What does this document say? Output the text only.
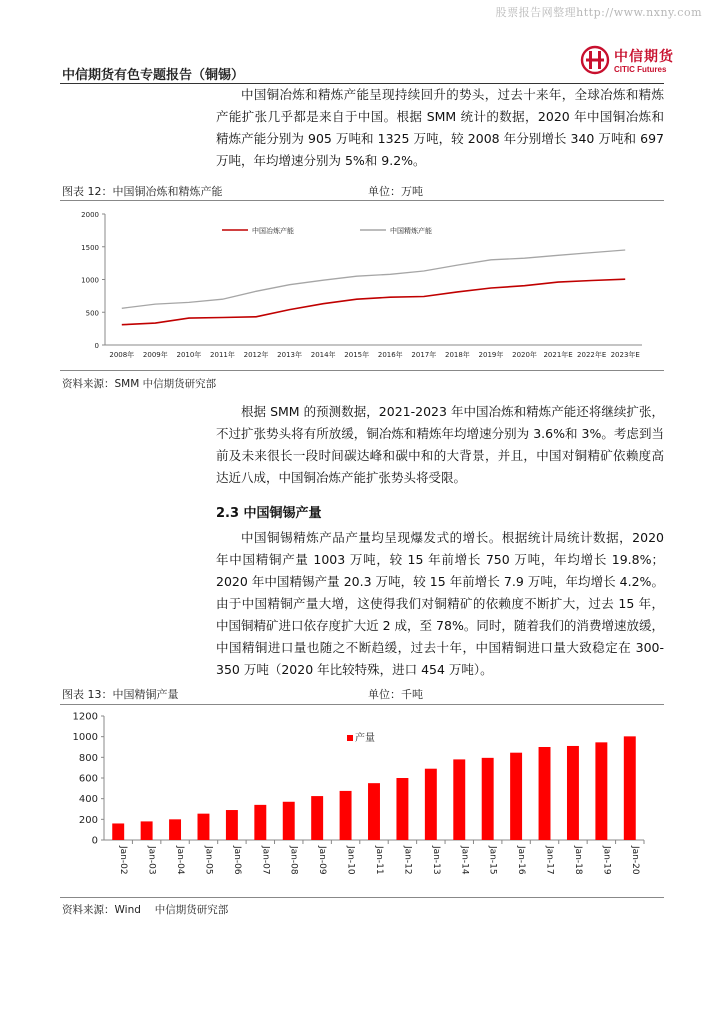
股票报告网整理http://www.nxny.com
中信期货
CITIC Futures
中信期货有色专题报告（铜锡）
中国铜冶炼和精炼产能呈现持续回升的势头，过去十来年，全球冶炼和精炼产能扩张几乎都是来自于中国。根据 SMM 统计的数据，2020 年中国铜冶炼和精炼产能分别为 905 万吨和 1325 万吨，较 2008 年分别增长 340 万吨和 697 万吨，年均增速分别为 5%和 9.2%。
图表 12：中国铜冶炼和精炼产能	单位：万吨
0
500
1000
1500
2000
2008年 2009年 2010年 2011年 2012年 2013年 2014年 2015年 2016年 2017年 2018年 2019年 2020年 2021年E 2022年E 2023年E
中国冶炼产能	中国精炼产能
资料来源：SMM 中信期货研究部
根据 SMM 的预测数据，2021-2023 年中国冶炼和精炼产能还将继续扩张，不过扩张势头将有所放缓，铜冶炼和精炼年均增速分别为 3.6%和 3%。考虑到当前及未来很长一段时间碳达峰和碳中和的大背景，并且，中国对铜精矿依赖度高达近八成，中国铜冶炼产能扩张势头将受限。
2.3 中国铜锡产量
中国铜锡精炼产品产量均呈现爆发式的增长。根据统计局统计数据，2020 年中国精铜产量 1003 万吨，较 15 年前增长 750 万吨，年均增长 19.8%；2020 年中国精锡产量 20.3 万吨，较 15 年前增长 7.9 万吨，年均增长 4.2%。由于中国精铜产量大增，这使得我们对铜精矿的依赖度不断扩大，过去 15 年，中国铜精矿进口依存度扩大近 2 成，至 78%。同时，随着我们的消费增速放缓，中国精铜进口量也随之不断趋缓，过去十年，中国精铜进口量大致稳定在 300-350 万吨（2020 年比较特殊，进口 454 万吨）。
图表 13：中国精铜产量	单位：千吨
0
200
400
600
800
1000
1200
Jan-02 Jan-03 Jan-04 Jan-05 Jan-06 Jan-07 Jan-08 Jan-09 Jan-10 Jan-11 Jan-12 Jan-13 Jan-14 Jan-15 Jan-16 Jan-17 Jan-18 Jan-19 Jan-20
产量
资料来源：Wind　 中信期货研究部
